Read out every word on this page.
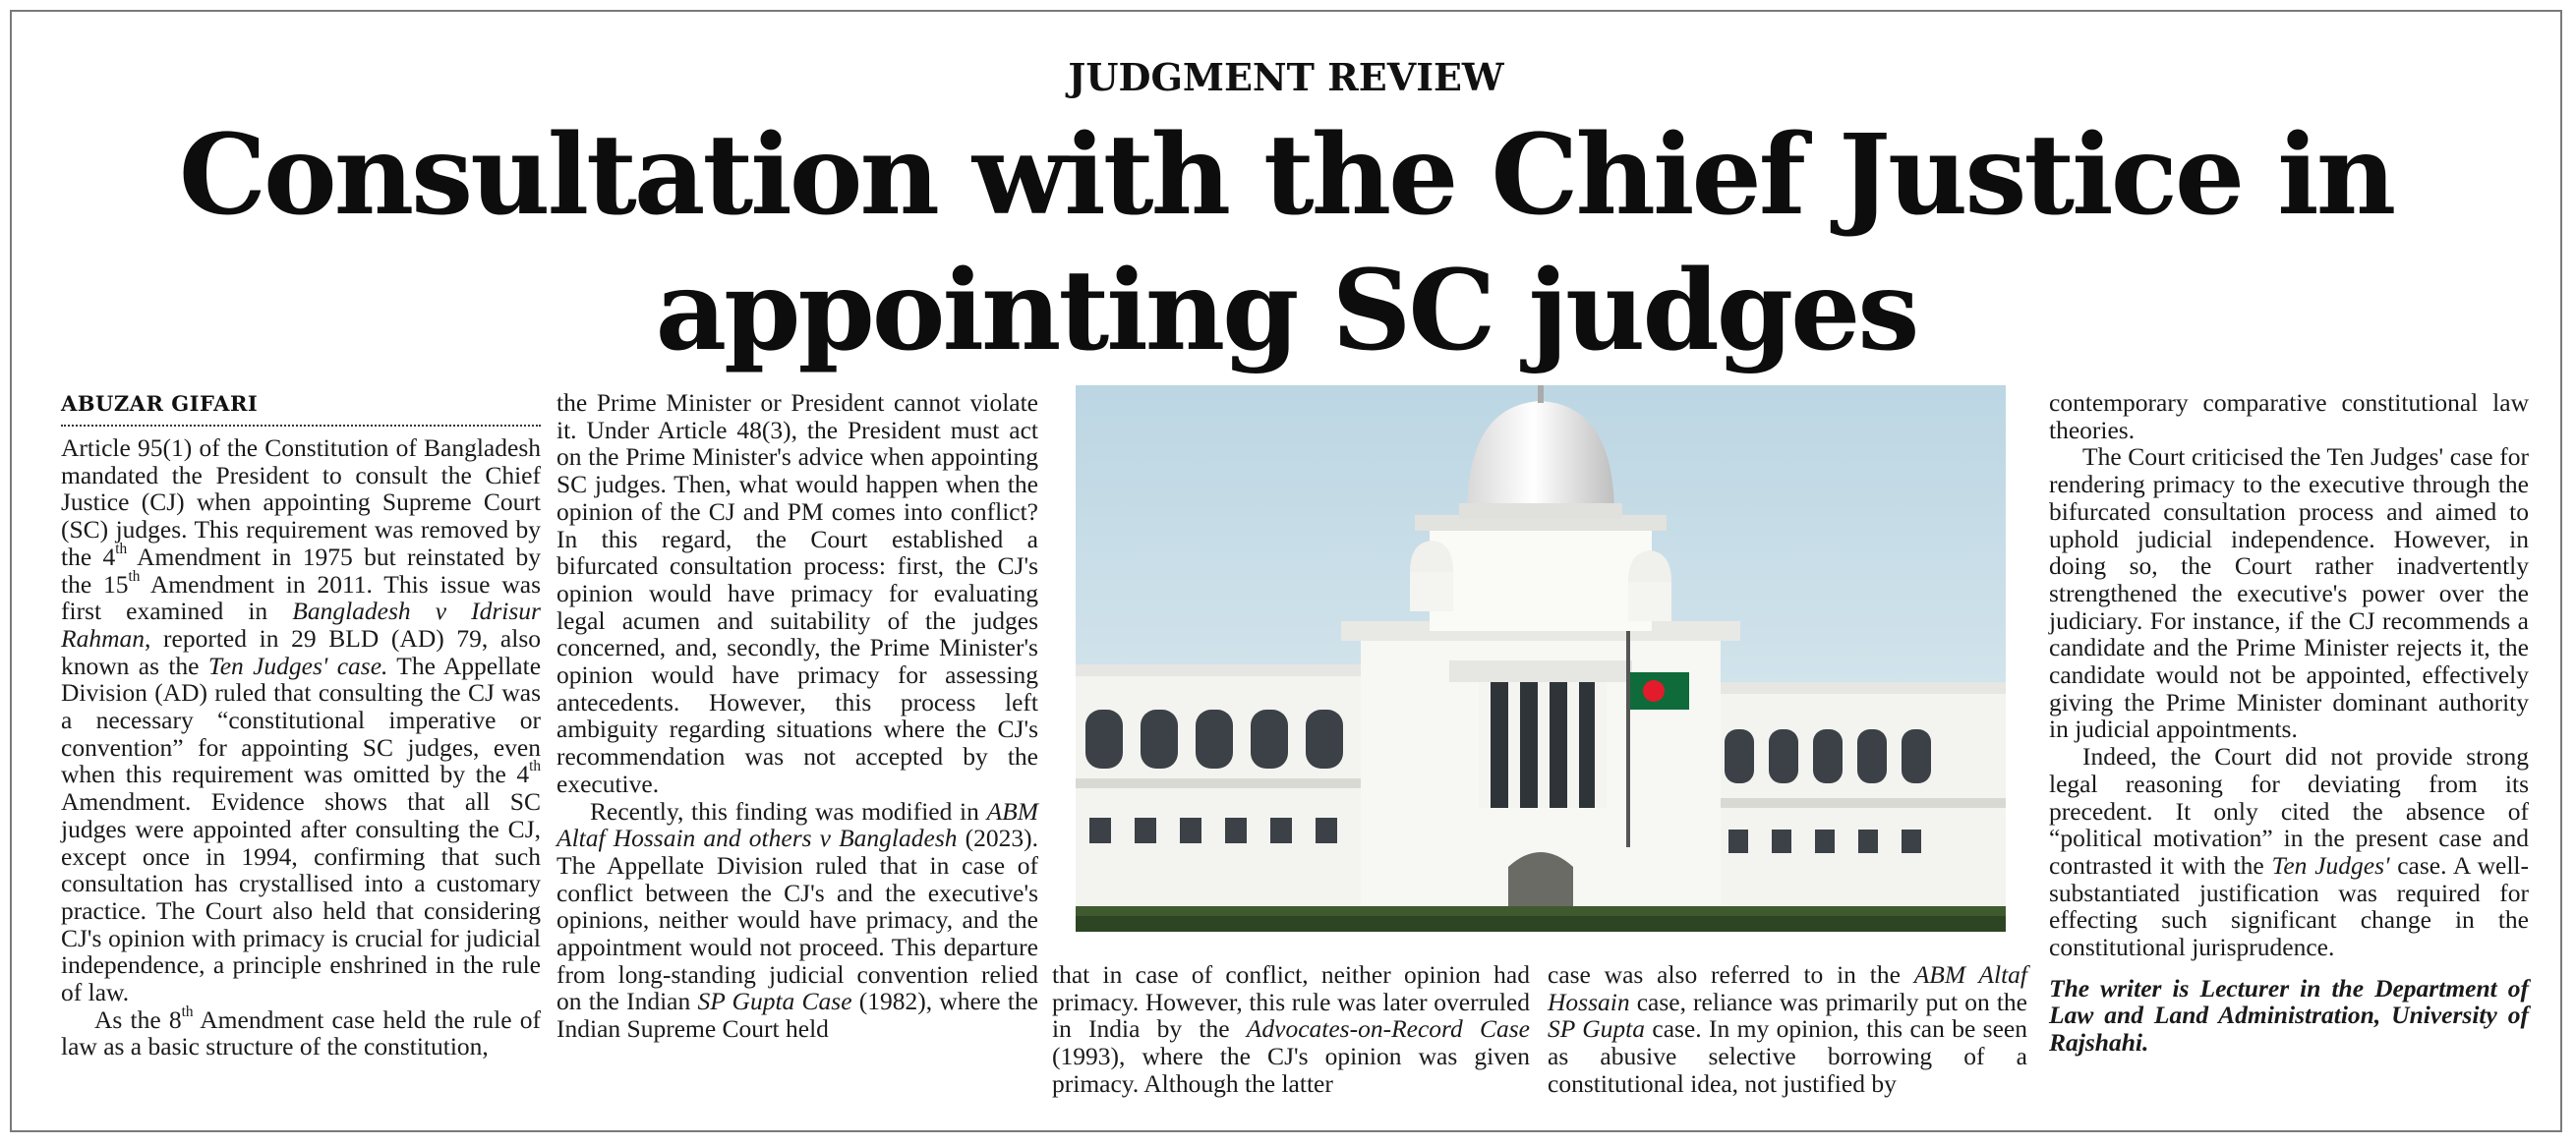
JUDGMENT REVIEW
Consultation with the Chief Justice in
appointing SC judges
ABUZAR GIFARI

Article 95(1) of the Constitution of Bangladesh mandated the President to consult the Chief Justice (CJ) when appointing Supreme Court (SC) judges. This requirement was removed by the 4th Amendment in 1975 but reinstated by the 15th Amendment in 2011. This issue was first examined in Bangladesh v Idrisur Rahman, reported in 29 BLD (AD) 79, also known as the Ten Judges' case. The Appellate Division (AD) ruled that consulting the CJ was a necessary “constitutional imperative or convention” for appointing SC judges, even when this requirement was omitted by the 4th Amendment. Evidence shows that all SC judges were appointed after consulting the CJ, except once in 1994, confirming that such consultation has crystallised into a customary practice. The Court also held that considering CJ's opinion with primacy is crucial for judicial independence, a principle enshrined in the rule of law.

As the 8th Amendment case held the rule of law as a basic structure of the constitution,

the Prime Minister or President cannot violate it. Under Article 48(3), the President must act on the Prime Minister's advice when appointing SC judges. Then, what would happen when the opinion of the CJ and PM comes into conflict? In this regard, the Court established a bifurcated consultation process: first, the CJ's opinion would have primacy for evaluating legal acumen and suitability of the judges concerned, and, secondly, the Prime Minister's opinion would have primacy for assessing antecedents. However, this process left ambiguity regarding situations where the CJ's recommendation was not accepted by the executive.

Recently, this finding was modified in ABM Altaf Hossain and others v Bangladesh (2023). The Appellate Division ruled that in case of conflict between the CJ's and the executive's opinions, neither would have primacy, and the appointment would not proceed. This departure from long-standing judicial convention relied on the Indian SP Gupta Case (1982), where the Indian Supreme Court held

that in case of conflict, neither opinion had primacy. However, this rule was later overruled in India by the Advocates-on-Record Case (1993), where the CJ's opinion was given primacy. Although the latter

case was also referred to in the ABM Altaf Hossain case, reliance was primarily put on the SP Gupta case. In my opinion, this can be seen as abusive selective borrowing of a constitutional idea, not justified by

contemporary comparative constitutional law theories.

The Court criticised the Ten Judges' case for rendering primacy to the executive through the bifurcated consultation process and aimed to uphold judicial independence. However, in doing so, the Court rather inadvertently strengthened the executive's power over the judiciary. For instance, if the CJ recommends a candidate and the Prime Minister rejects it, the candidate would not be appointed, effectively giving the Prime Minister dominant authority in judicial appointments.

Indeed, the Court did not provide strong legal reasoning for deviating from its precedent. It only cited the absence of “political motivation” in the present case and contrasted it with the Ten Judges' case. A well-substantiated justification was required for effecting such significant change in the constitutional jurisprudence.

The writer is Lecturer in the Department of Law and Land Administration, University of Rajshahi.
